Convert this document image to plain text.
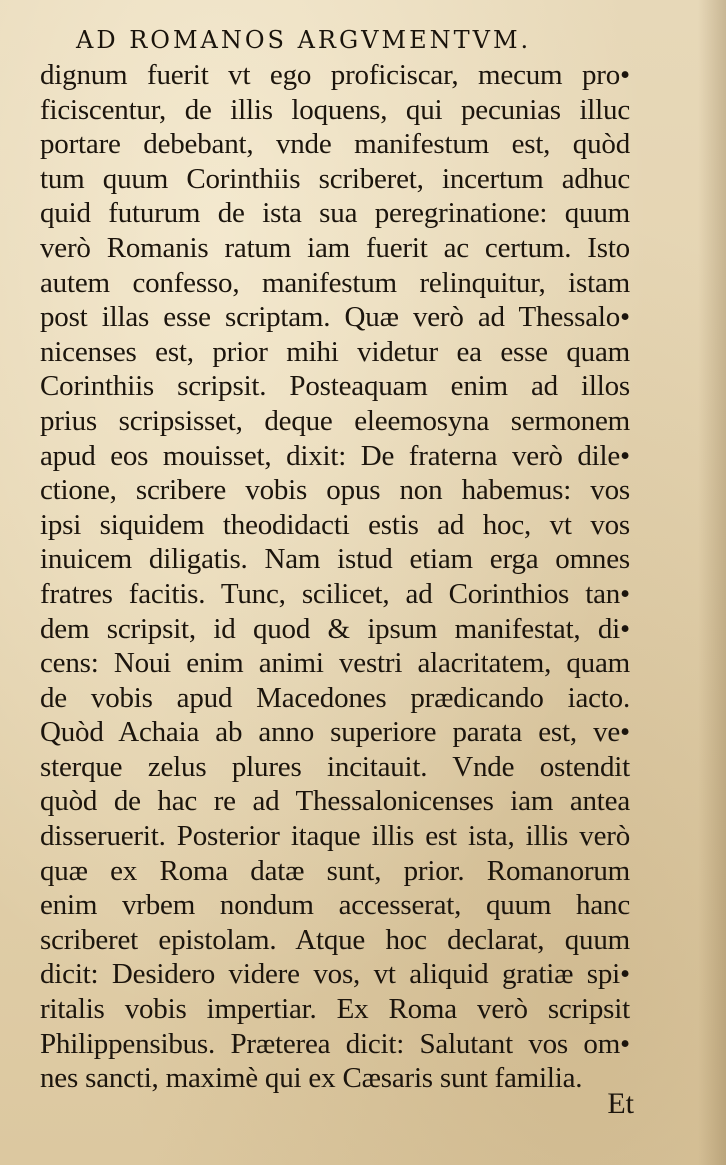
AD ROMANOS ARGVMENTVM.
dignum fuerit vt ego proficiscar, mecum pro•
ficiscentur, de illis loquens, qui pecunias illuc
portare debebant, vnde manifestum est, quòd
tum quum Corinthiis scriberet, incertum adhuc
quid futurum de ista sua peregrinatione: quum
verò Romanis ratum iam fuerit ac certum. Isto
autem confesso, manifestum relinquitur, istam
post illas esse scriptam. Quæ verò ad Thessalo•
nicenses est, prior mihi videtur ea esse quam
Corinthiis scripsit. Posteaquam enim ad illos
prius scripsisset, deque eleemosyna sermonem
apud eos mouisset, dixit: De fraterna verò dile•
ctione, scribere vobis opus non habemus: vos
ipsi siquidem theodidacti estis ad hoc, vt vos
inuicem diligatis. Nam istud etiam erga omnes
fratres facitis. Tunc, scilicet, ad Corinthios tan•
dem scripsit, id quod & ipsum manifestat, di•
cens: Noui enim animi vestri alacritatem, quam
de vobis apud Macedones prædicando iacto.
Quòd Achaia ab anno superiore parata est, ve•
sterque zelus plures incitauit. Vnde ostendit
quòd de hac re ad Thessalonicenses iam antea
disseruerit. Posterior itaque illis est ista, illis verò
quæ ex Roma datæ sunt, prior. Romanorum
enim vrbem nondum accesserat, quum hanc
scriberet epistolam. Atque hoc declarat, quum
dicit: Desidero videre vos, vt aliquid gratiæ spi•
ritalis vobis impertiar. Ex Roma verò scripsit
Philippensibus. Præterea dicit: Salutant vos om•
nes sancti, maximè qui ex Cæsaris sunt familia.
Et
